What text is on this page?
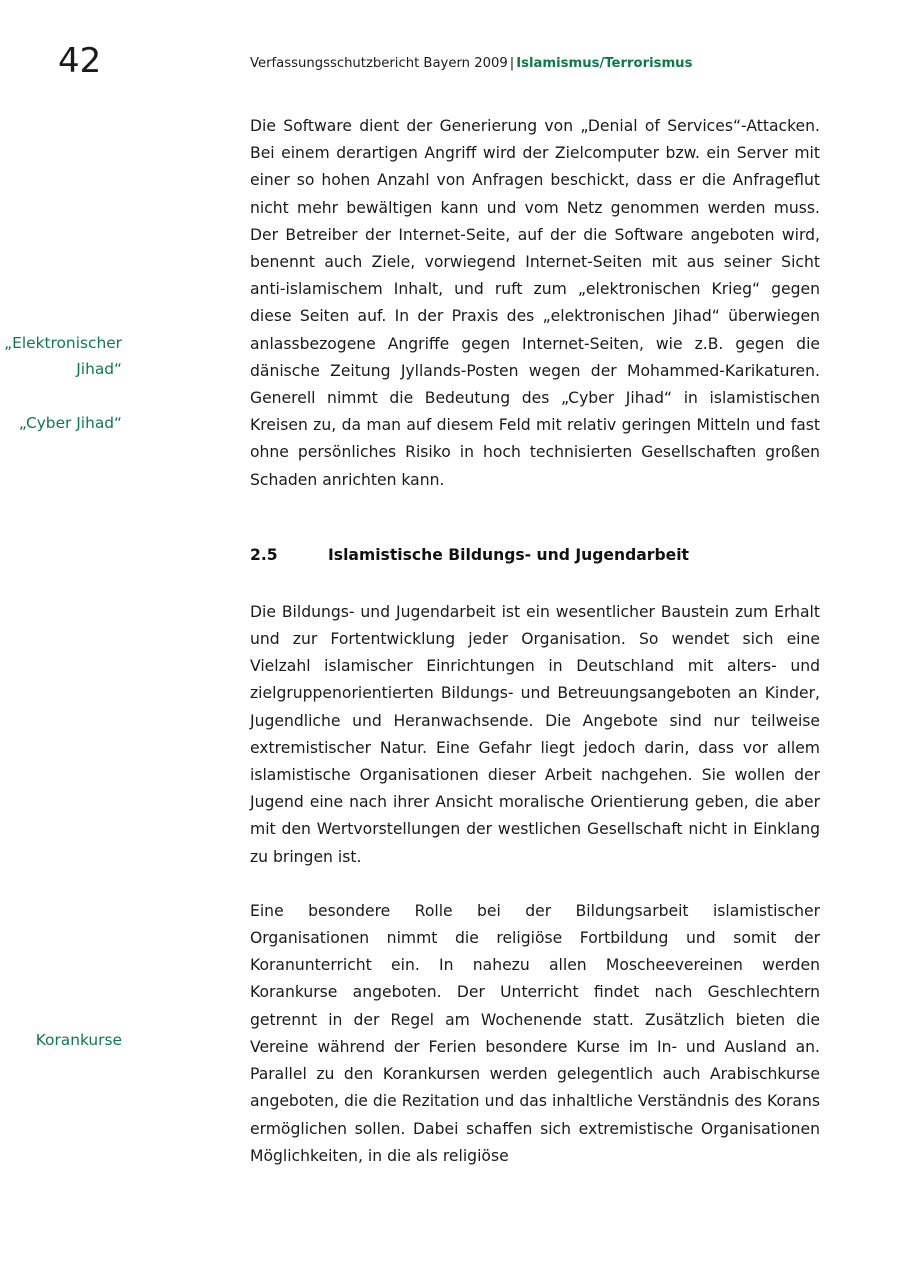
42	Verfassungsschutzbericht Bayern 2009 | Islamismus/Terrorismus
„Elektronischer
Jihad“
„Cyber Jihad“
Korankurse

Die Software dient der Generierung von „Denial of Services“-Attacken. Bei einem derartigen Angriff wird der Zielcomputer bzw. ein Server mit einer so hohen Anzahl von Anfragen beschickt, dass er die Anfrageflut nicht mehr bewältigen kann und vom Netz genommen werden muss. Der Betreiber der Internet-Seite, auf der die Software angeboten wird, benennt auch Ziele, vorwiegend Internet-Seiten mit aus seiner Sicht anti-islamischem Inhalt, und ruft zum „elektronischen Krieg“ gegen diese Seiten auf. In der Praxis des „elektronischen Jihad“ überwiegen anlassbezogene Angriffe gegen Internet-Seiten, wie z.B. gegen die dänische Zeitung Jyllands-Posten wegen der Mohammed-Karikaturen. Generell nimmt die Bedeutung des „Cyber Jihad“ in islamistischen Kreisen zu, da man auf diesem Feld mit relativ geringen Mitteln und fast ohne persönliches Risiko in hoch technisierten Gesellschaften großen Schaden anrichten kann.

2.5	Islamistische Bildungs- und Jugendarbeit

Die Bildungs- und Jugendarbeit ist ein wesentlicher Baustein zum Erhalt und zur Fortentwicklung jeder Organisation. So wendet sich eine Vielzahl islamischer Einrichtungen in Deutschland mit alters- und zielgruppenorientierten Bildungs- und Betreuungsangeboten an Kinder, Jugendliche und Heranwachsende. Die Angebote sind nur teilweise extremistischer Natur. Eine Gefahr liegt jedoch darin, dass vor allem islamistische Organisationen dieser Arbeit nachgehen. Sie wollen der Jugend eine nach ihrer Ansicht moralische Orientierung geben, die aber mit den Wertvorstellungen der westlichen Gesellschaft nicht in Einklang zu bringen ist.

Eine besondere Rolle bei der Bildungsarbeit islamistischer Organisationen nimmt die religiöse Fortbildung und somit der Koranunterricht ein. In nahezu allen Moscheevereinen werden Korankurse angeboten. Der Unterricht findet nach Geschlechtern getrennt in der Regel am Wochenende statt. Zusätzlich bieten die Vereine während der Ferien besondere Kurse im In- und Ausland an. Parallel zu den Korankursen werden gelegentlich auch Arabischkurse angeboten, die die Rezitation und das inhaltliche Verständnis des Korans ermöglichen sollen. Dabei schaffen sich extremistische Organisationen Möglichkeiten, in die als religiöse
